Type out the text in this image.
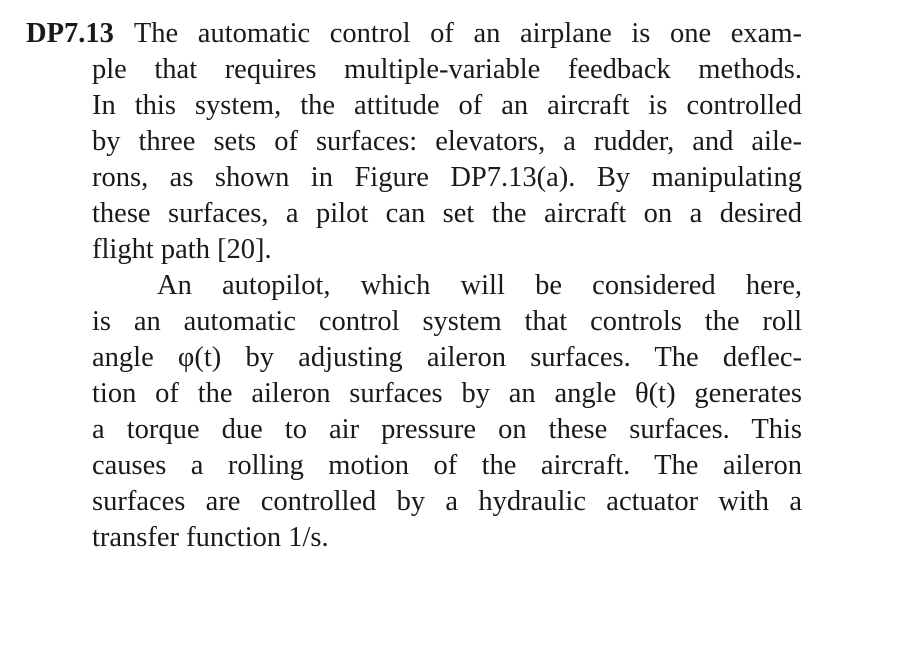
DP7.13 The automatic control of an airplane is one exam-
ple that requires multiple-variable feedback methods.
In this system, the attitude of an aircraft is controlled
by three sets of surfaces: elevators, a rudder, and aile-
rons, as shown in Figure DP7.13(a). By manipulating
these surfaces, a pilot can set the aircraft on a desired
flight path [20].
An autopilot, which will be considered here,
is an automatic control system that controls the roll
angle φ(t) by adjusting aileron surfaces. The deflec-
tion of the aileron surfaces by an angle θ(t) generates
a torque due to air pressure on these surfaces. This
causes a rolling motion of the aircraft. The aileron
surfaces are controlled by a hydraulic actuator with a
transfer function 1/s.
